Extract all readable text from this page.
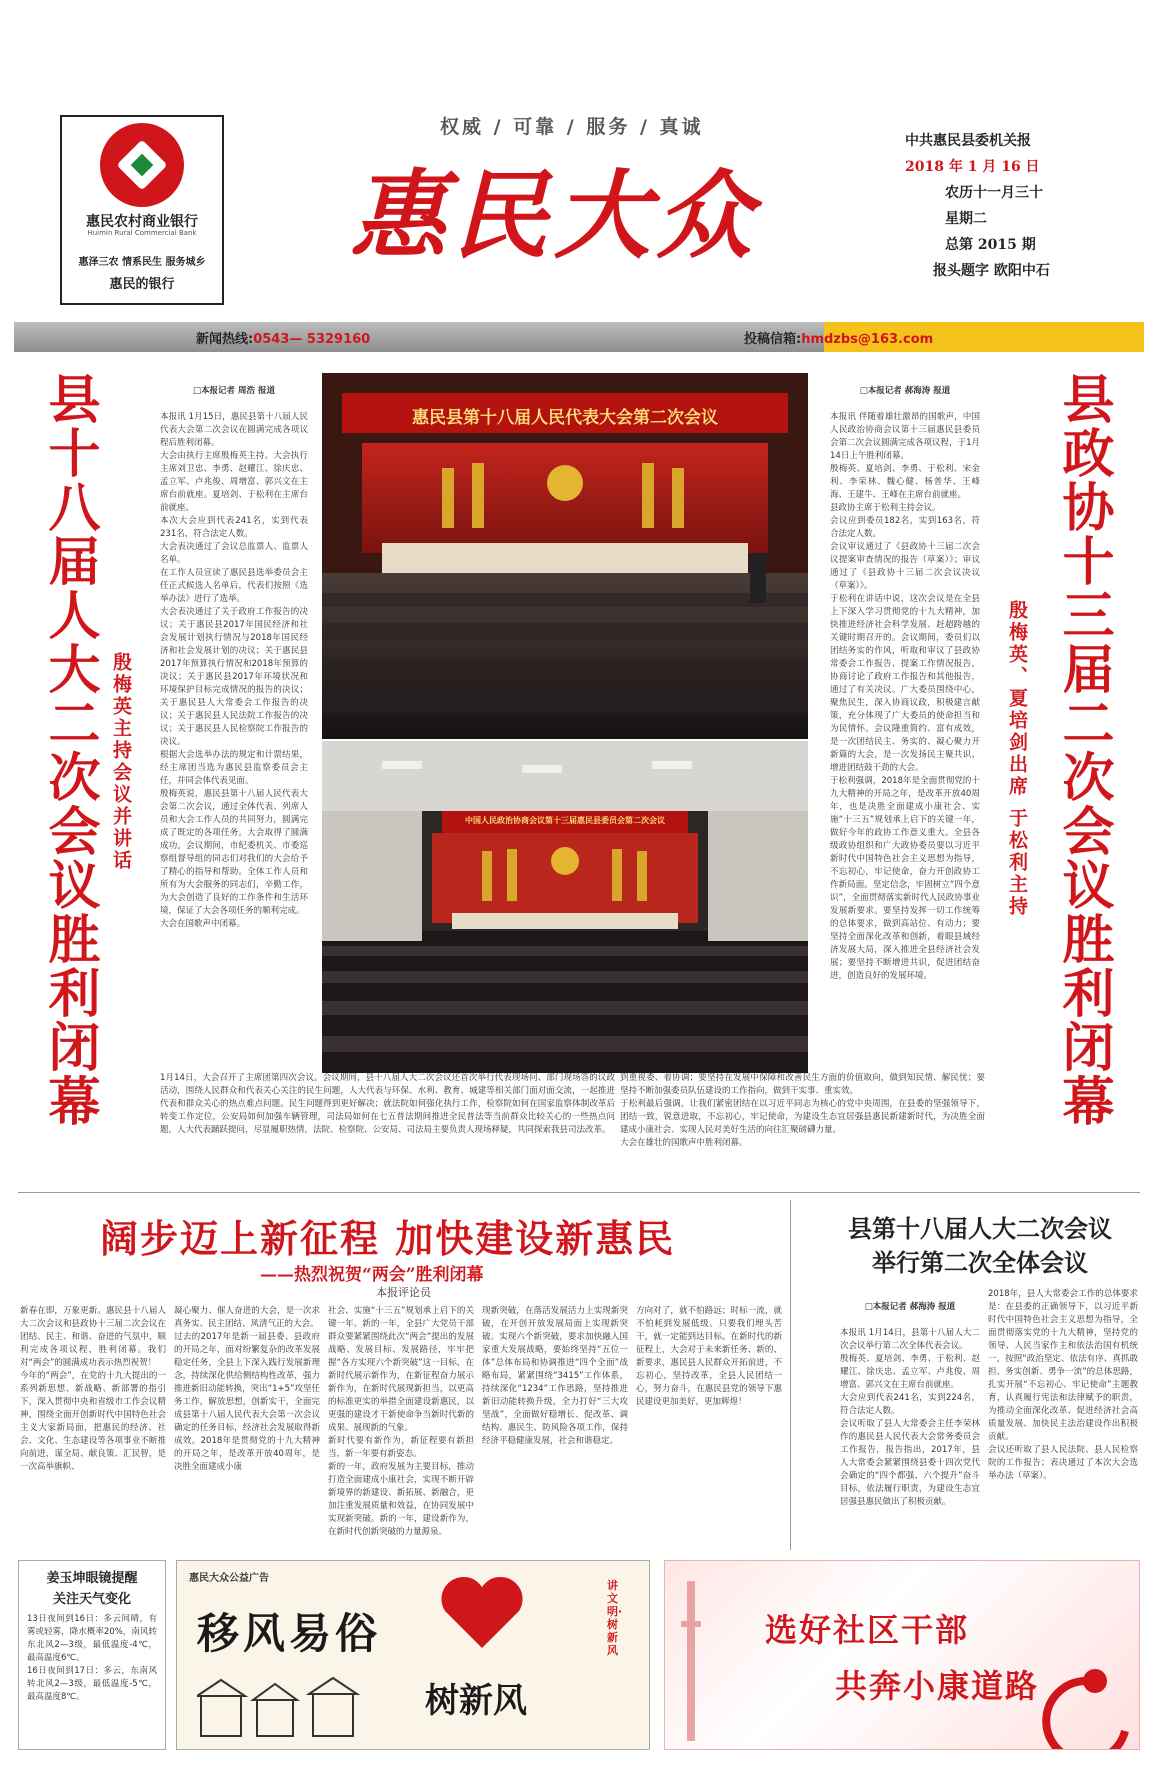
惠民农村商业银行
Huimin Rural Commercial Bank
惠泽三农 情系民生 服务城乡
惠民的银行
权威 / 可靠 / 服务 / 真诚
惠民大众
中共惠民县委机关报
2018 年 1 月 16 日
农历十一月三十
星期二
总第 2015 期
报头题字 欧阳中石
新闻热线:0543— 5329160	投稿信箱:hmdzbs@163.com
县十八届人大二次会议胜利闭幕 殷梅英主持会议并讲话

□本报记者 周浩 报道

本报讯 1月15日，惠民县第十八届人民代表大会第二次会议在圆满完成各项议程后胜利闭幕。
大会由执行主席殷梅英主持。大会执行主席刘卫忠、李勇、赵耀江、徐庆忠、孟立军、卢兆俊、周增富、郭兴文在主席台前就座。夏培剑、于松利在主席台前就座。
本次大会应到代表241名，实到代表231名，符合法定人数。
大会表决通过了会议总监票人、监票人名单。
在工作人员宣读了惠民县选举委员会主任正式候选人名单后，代表们按照《选举办法》进行了选举。
大会表决通过了关于政府工作报告的决议；关于惠民县2017年国民经济和社会发展计划执行情况与2018年国民经济和社会发展计划的决议；关于惠民县2017年预算执行情况和2018年预算的决议；关于惠民县2017年环境状况和环境保护目标完成情况的报告的决议；关于惠民县人大常委会工作报告的决议；关于惠民县人民法院工作报告的决议；关于惠民县人民检察院工作报告的决议。
根据大会选举办法的规定和计票结果，经主席团当选为惠民县监察委员会主任，并同会体代表见面。
殷梅英说，惠民县第十八届人民代表大会第二次会议，通过全体代表、列席人员和大会工作人员的共同努力，圆满完成了既定的各项任务。大会取得了圆满成功。会议期间，市纪委机关、市委巡察组督导组的同志们对我们的大会给予了精心的指导和帮助。全体工作人员和所有为大会服务的同志们，辛勤工作，为大会创造了良好的工作条件和生活环境，保证了大会各项任务的顺利完成。
大会在国歌声中闭幕。

1月14日，大会召开了主席团第四次会议。会议期间，县十八届人大二次会议还首次举行代表现场问、部门现场答的议政活动，围绕人民群众和代表关心关注的民生问题，人大代表与环保、水利、教育、城建等相关部门面对面交流，一起推进代表和群众关心的热点难点问题。民生问题得到更好解决；就法院如何强化执行工作，检察院如何在国家监察体制改革后转变工作定位，公安局如何加强车辆管理，司法局如何在七五普法期间推进全民普法等当前群众比较关心的一些热点问题，人大代表踊跃提问，尽显履职热情，法院、检察院、公安局、司法局主要负责人现场释疑，共同探索我县司法改革。
惠民县第十八届人民代表大会第二次会议
中国人民政治协商会议第十三届惠民县委员会第二次会议

□本报记者 郝海涛 报道

本报讯 伴随着雄壮激昂的国歌声，中国人民政治协商会议第十三届惠民县委员会第二次会议圆满完成各项议程，于1月14日上午胜利闭幕。
殷梅英、夏培剑、李勇、于松利、宋金利、李荣林、魏心健、杨普华、王峰海、王建牛、王峰在主席台前就座。
县政协主席于松利主持会议。
会议应到委员182名，实到163名，符合法定人数。
会议审议通过了《县政协十三届二次会议提案审查情况的报告（草案）》；审议通过了《县政协十三届二次会议决议（草案）》。
于松利在讲话中说，这次会议是在全县上下深入学习贯彻党的十九大精神，加快推进经济社会科学发展、赶超跨越的关键时期召开的。会议期间，委员们以团结务实的作风，听取和审议了县政协常委会工作报告、提案工作情况报告，协商讨论了政府工作报告和其他报告，通过了有关决议。广大委员围绕中心，聚焦民生，深入协商议政，积极建言献策，充分体现了广大委员的使命担当和为民情怀。会议隆重简约、富有成效，是一次团结民主、务实的、凝心聚力开新篇的大会，是一次发扬民主聚共识、增进团结鼓干劲的大会。
于松利强调，2018年是全面贯彻党的十九大精神的开局之年，是改革开放40周年，也是决胜全面建成小康社会、实施“十三五”规划承上启下的关键一年，做好今年的政协工作意义重大。全县各级政协组织和广大政协委员要以习近平新时代中国特色社会主义思想为指导，不忘初心，牢记使命，奋力开创政协工作新局面。坚定信念，牢固树立“四个意识”，全面贯彻落实新时代人民政协事业发展新要求。要坚持发挥一切工作统筹的总体要求，做到高站位、有动力；要坚持全面深化改革和创新，着眼县域经济发展大局，深入推进全县经济社会发展；要坚持不断增进共识，促进团结奋进，创造良好的发展环境。

殷梅英、夏培剑出席 于松利主持 县政协十三届二次会议胜利闭幕
到重视委、着协调；要坚持在发展中保障和改善民生方面的价值取向，做到知民情、解民忧；要坚持不断加强委员队伍建设的工作指向，做到干实事、重实效。
于松利最后强调，让我们紧密团结在以习近平同志为核心的党中央周围，在县委的坚强领导下，团结一致，锐意进取，不忘初心，牢记使命，为建设生态宜居强县惠民新建新时代，为决胜全面建成小康社会、实现人民对美好生活的向往汇聚磅礴力量。
大会在雄壮的国歌声中胜利闭幕。
阔步迈上新征程 加快建设新惠民
——热烈祝贺“两会”胜利闭幕
本报评论员
新春在即，万象更新。惠民县十八届人大二次会议和县政协十三届二次会议在团结、民主、和谐、奋进的气氛中，顺利完成各项议程，胜利闭幕。我们对“两会”的圆满成功表示热烈祝贺！
今年的“两会”，在党的十九大提出的一系列新思想、新战略、新部署的指引下，深入贯彻中央和省级市工作会议精神，围绕全面开创新时代中国特色社会主义大家新局面，把惠民的经济、社会、文化、生态建设等各项事业不断推向前进，谋全局、献良策、汇民智，是一次高举旗帜、
凝心聚力、催人奋进的大会，是一次求真务实、民主团结、风清气正的大会。
过去的2017年是新一届县委、县政府的开局之年，面对纷繁复杂的改革发展稳定任务，全县上下深入践行发展新理念，持续深化供给侧结构性改革，强力推进新旧动能转换，突出“1+5”攻坚任务工作，解放思想，创新实干，全面完成县第十八届人民代表大会第一次会议确定的任务目标，经济社会发展取得新成效。2018年是贯彻党的十九大精神的开局之年，是改革开放40周年，是决胜全面建成小康
社会、实施“十三五”规划承上启下的关键一年。新的一年，全县广大党员干部群众要紧紧围绕此次“两会”提出的发展战略、发展目标、发展路径，牢牢把握“各方实现六个新突破”这一目标，在新时代展示新作为，在新征程奋力展示新作为，在新时代展现新担当，以更高的标准更实的举措全面建设新惠民，以更强的建设才干新使命争当新时代新的成果、展现新的气象。
新时代要有新作为，新征程要有新担当，新一年要有新姿态。
新的一年，政府发展为主要目标，推动打造全面建成小康社会，实现不断开辟新境界的新建设、新拓展、新融合，更加注重发展质量和效益，在协同发展中实现新突破。新的一年，建设新作为，在新时代创新突破的力量源泉。
现新突破，在落活发展活力上实现新突破，在开创开放发展局面上实现新突破。实现六个新突破，要求加快融入国家重大发展战略，要始终坚持“五位一体”总体布局和协调推进“四个全面”战略布局，紧紧围绕“3415”工作体系，持续深化“1234”工作思路，坚持推进新旧动能转换升级，全力打好“三大攻坚战”，全面做好稳增长、促改革、调结构、惠民生、防风险各项工作，保持经济平稳健康发展，社会和谐稳定。
方向对了，就不怕路远；时标一流，就不怕耗到发展低级。只要我们埋头苦干，就一定能到达目标。在新时代的新征程上，大会对于未来新任务、新的、新要求，惠民县人民群众开拓前进，不忘初心，坚持改革，全县人民团结一心，努力奋斗，在惠民县党的领导下惠民建设更加美好，更加辉煌！
县第十八届人大二次会议
举行第二次全体会议

□本报记者 郝海涛 报道

本报讯 1月14日，县第十八届人大二次会议举行第二次全体代表会议。
殷梅英、夏培剑、李勇、于松利、赵耀江、徐庆忠、孟立军、卢兆俊、周增富、郭兴文在主席台前就座。
大会应到代表241名，实到224名，符合法定人数。
会议听取了县人大常委会主任李荣林作的惠民县人民代表大会常务委员会工作报告，报告指出，2017年，县人大常委会紧紧围绕县委十四次党代会确定的“四个都强、六个提升”奋斗目标，依法履行职责，为建设生态宜居强县惠民做出了积极贡献。

2018年，县人大常委会工作的总体要求是：在县委的正确领导下，以习近平新时代中国特色社会主义思想为指导，全面贯彻落实党的十九大精神，坚持党的领导、人民当家作主和依法治国有机统一，按照“政治坚定、依法有序、真抓敢担、务实创新、勇争一流”的总体思路，扎实开展“不忘初心、牢记使命”主题教育，认真履行宪法和法律赋予的职责，为推动全面深化改革、促进经济社会高质量发展、加快民主法治建设作出积极贡献。
会议还听取了县人民法院、县人民检察院的工作报告；表决通过了本次大会选举办法（草案）。
姜玉坤眼镜提醒
关注天气变化
13日夜间到16日：多云间晴，有雾或轻雾，降水概率20%，南风转东北风2—3级，最低温度-4℃，最高温度6℃。
16日夜间到17日：多云，东南风转北风2—3级，最低温度-5℃，最高温度8℃。
惠民大众公益广告
移风易俗
树新风
讲文明·树新风
选好社区干部
共奔小康道路
